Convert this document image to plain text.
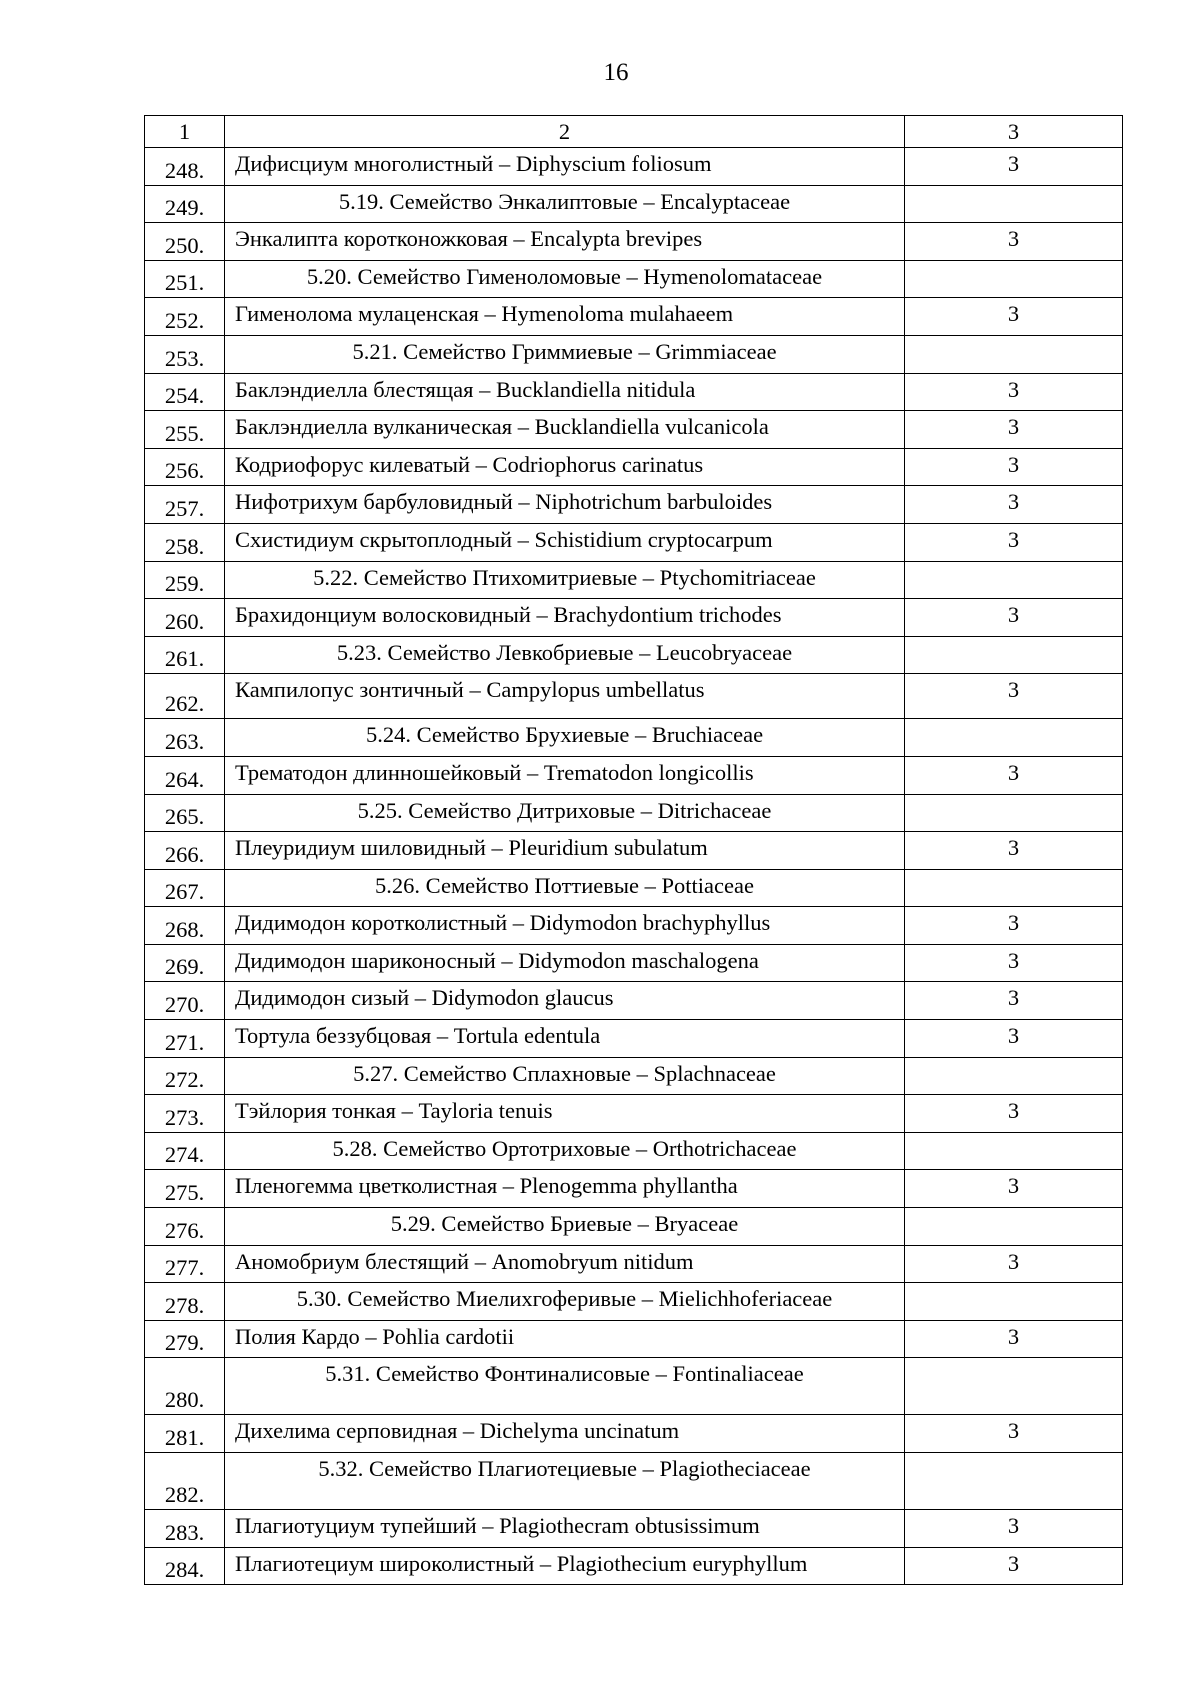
16
1	2	3
248.	Дифисциум многолистный – Diphyscium foliosum	3
249.	5.19. Семейство Энкалиптовые – Encalyptaceae	
250.	Энкалипта коротконожковая – Encalypta brevipes	3
251.	5.20. Семейство Гименоломовые – Hymenolomataceae	
252.	Гименолома мулаценская – Hymenoloma mulahaeem	3
253.	5.21. Семейство Гриммиевые – Grimmiaceae	
254.	Баклэндиелла блестящая – Bucklandiella nitidula	3
255.	Баклэндиелла вулканическая – Bucklandiella vulcanicola	3
256.	Кодриофорус килеватый – Codriophorus carinatus	3
257.	Нифотрихум барбуловидный – Niphotrichum barbuloides	3
258.	Схистидиум скрытоплодный – Schistidium cryptocarpum	3
259.	5.22. Семейство Птихомитриевые – Ptychomitriaceae	
260.	Брахидонциум волосковидный – Brachydontium trichodes	3
261.	5.23. Семейство Левкобриевые – Leucobryaceae	
262.	Кампилопус зонтичный – Campylopus umbellatus	3
263.	5.24. Семейство Брухиевые – Bruchiaceae	
264.	Трематодон длинношейковый – Trematodon longicollis	3
265.	5.25. Семейство Дитриховые – Ditrichaceae	
266.	Плеуридиум шиловидный – Pleuridium subulatum	3
267.	5.26. Семейство Поттиевые – Pottiaceae	
268.	Дидимодон коротколистный – Didymodon brachyphyllus	3
269.	Дидимодон шариконосный – Didymodon maschalogena	3
270.	Дидимодон сизый – Didymodon glaucus	3
271.	Тортула беззубцовая – Tortula edentula	3
272.	5.27. Семейство Сплахновые – Splachnaceae	
273.	Тэйлория тонкая – Tayloria tenuis	3
274.	5.28. Семейство Ортотриховые – Orthotrichaceae	
275.	Пленогемма цветколистная – Plenogemma phyllantha	3
276.	5.29. Семейство Бриевые – Bryaceae	
277.	Аномобриум блестящий – Anomobryum nitidum	3
278.	5.30. Семейство Миелихгоферивые – Mielichhoferiaceae	
279.	Полия Кардо – Pohlia cardotii	3
280.	5.31. Семейство Фонтиналисовые – Fontinaliaceae	
281.	Дихелима серповидная – Dichelyma uncinatum	3
282.	5.32. Семейство Плагиотециевые – Plagiotheciaceae	
283.	Плагиотуциум тупейший – Plagiothecram obtusissimum	3
284.	Плагиотециум широколистный – Plagiothecium euryphyllum	3
